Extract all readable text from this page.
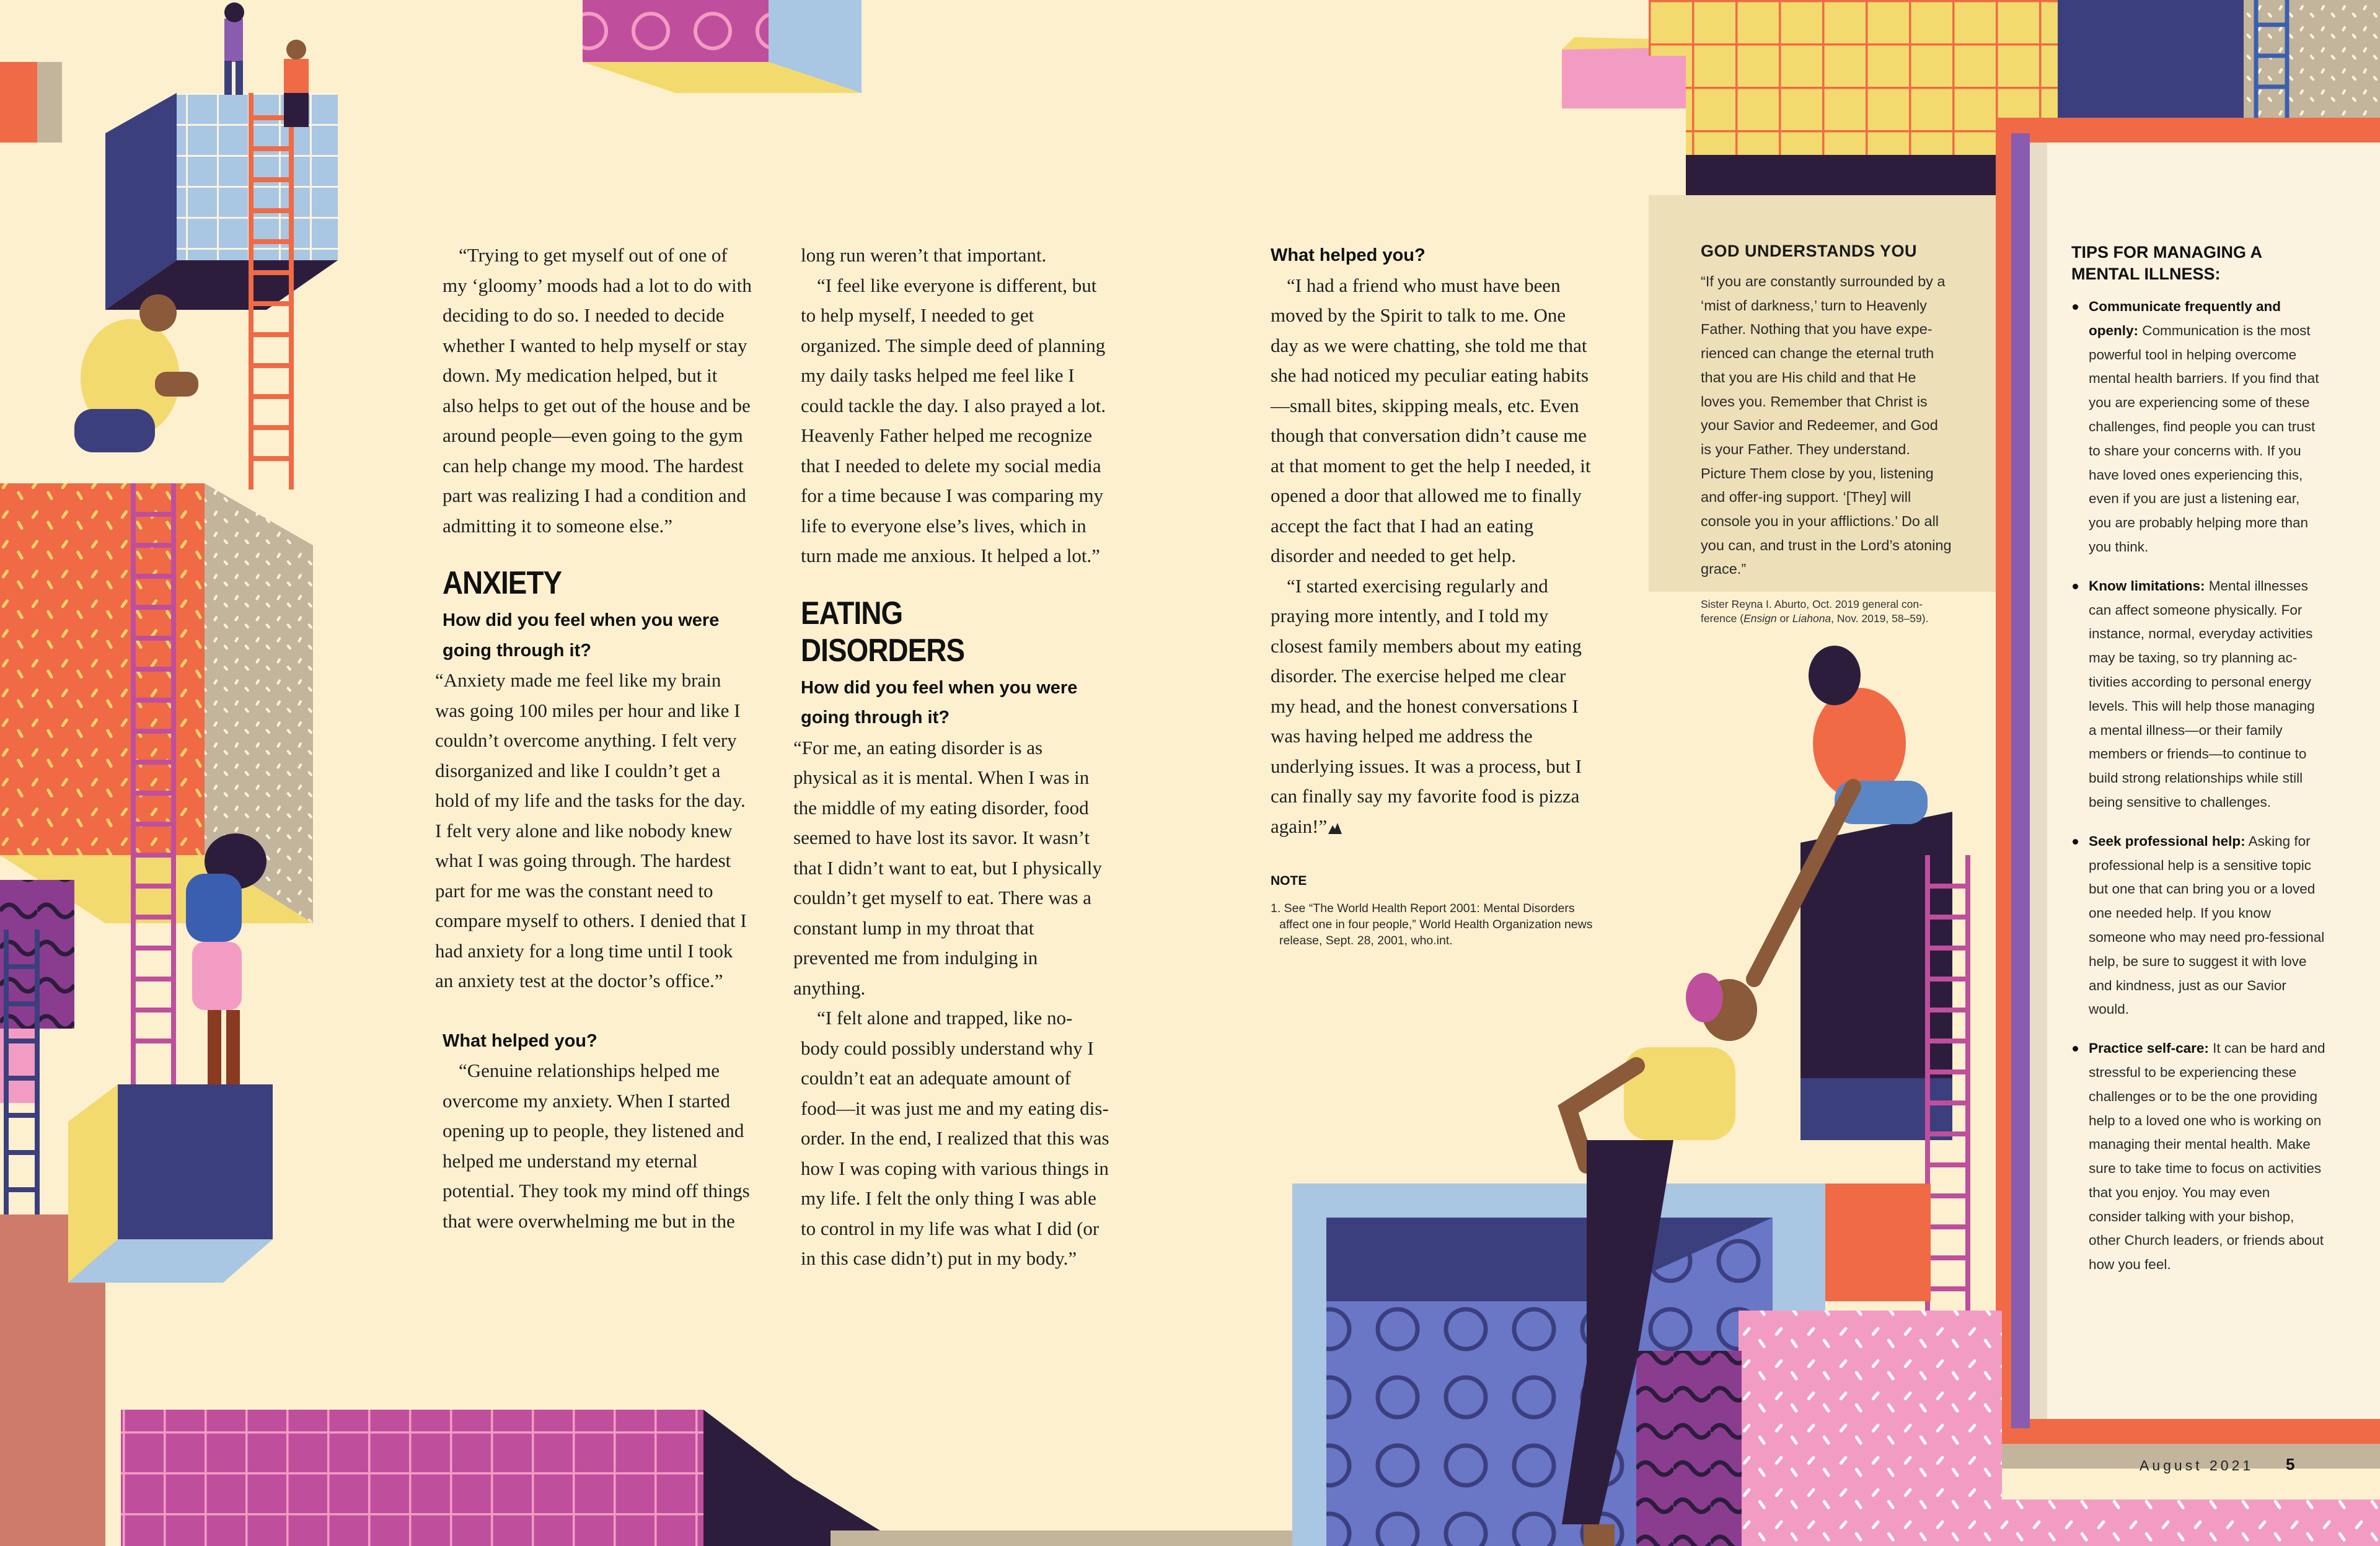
“Trying to get myself out of one of my ‘gloomy’ moods had a lot to do with deciding to do so. I needed to decide whether I wanted to help myself or stay down. My medication helped, but it also helps to get out of the house and be around people—even going to the gym can help change my mood. The hardest part was realizing I had a condition and admitting it to someone else.”

ANXIETY
How did you feel when you were going through it?

“Anxiety made me feel like my brain was going 100 miles per hour and like I couldn’t overcome anything. I felt very disorganized and like I couldn’t get a hold of my life and the tasks for the day. I felt very alone and like nobody knew what I was going through. The hardest part for me was the constant need to compare myself to others. I denied that I had anxiety for a long time until I took an anxiety test at the doctor’s office.”

What helped you?

“Genuine relationships helped me overcome my anxiety. When I started opening up to people, they listened and helped me understand my eternal potential. They took my mind off things that were overwhelming me but in the

long run weren’t that important.

“I feel like everyone is different, but to help myself, I needed to get organized. The simple deed of planning my daily tasks helped me feel like I could tackle the day. I also prayed a lot. Heavenly Father helped me recognize that I needed to delete my social media for a time because I was comparing my life to everyone else’s lives, which in turn made me anxious. It helped a lot.”

EATING DISORDERS
How did you feel when you were going through it?

“For me, an eating disorder is as physical as it is mental. When I was in the middle of my eating disorder, food seemed to have lost its savor. It wasn’t that I didn’t want to eat, but I physically couldn’t get myself to eat. There was a constant lump in my throat that prevented me from indulging in anything.

“I felt alone and trapped, like no-body could possibly understand why I couldn’t eat an adequate amount of food—it was just me and my eating dis-order. In the end, I realized that this was how I was coping with various things in my life. I felt the only thing I was able to control in my life was what I did (or in this case didn’t) put in my body.”

What helped you?

“I had a friend who must have been moved by the Spirit to talk to me. One day as we were chatting, she told me that she had noticed my peculiar eating habits—small bites, skipping meals, etc. Even though that conversation didn’t cause me at that moment to get the help I needed, it opened a door that allowed me to finally accept the fact that I had an eating disorder and needed to get help.

“I started exercising regularly and praying more intently, and I told my closest family members about my eating disorder. The exercise helped me clear my head, and the honest conversations I was having helped me address the underlying issues. It was a process, but I can finally say my favorite food is pizza again!”

NOTE
1. See “The World Health Report 2001: Mental Disorders affect one in four people,” World Health Organization news release, Sept. 28, 2001, who.int.
GOD UNDERSTANDS YOU
“If you are constantly surrounded by a ‘mist of darkness,’ turn to Heavenly Father. Nothing that you have expe-rienced can change the eternal truth that you are His child and that He loves you. Remember that Christ is your Savior and Redeemer, and God is your Father. They understand. Picture Them close by you, listening and offer-ing support. ‘[They] will console you in your afflictions.’ Do all you can, and trust in the Lord’s atoning grace.”
Sister Reyna I. Aburto, Oct. 2019 general con-ference (Ensign or Liahona, Nov. 2019, 58–59).
TIPS FOR MANAGING A MENTAL ILLNESS:
Communicate frequently and openly: Communication is the most powerful tool in helping overcome mental health barriers. If you find that you are experiencing some of these challenges, find people you can trust to share your concerns with. If you have loved ones experiencing this, even if you are just a listening ear, you are probably helping more than you think.
Know limitations: Mental illnesses can affect someone physically. For instance, normal, everyday activities may be taxing, so try planning ac-tivities according to personal energy levels. This will help those managing a mental illness—or their family members or friends—to continue to build strong relationships while still being sensitive to challenges.
Seek professional help: Asking for professional help is a sensitive topic but one that can bring you or a loved one needed help. If you know someone who may need pro-fessional help, be sure to suggest it with love and kindness, just as our Savior would.
Practice self-care: It can be hard and stressful to be experiencing these challenges or to be the one providing help to a loved one who is working on managing their mental health. Make sure to take time to focus on activities that you enjoy. You may even consider talking with your bishop, other Church leaders, or friends about how you feel.
August 2021 5
